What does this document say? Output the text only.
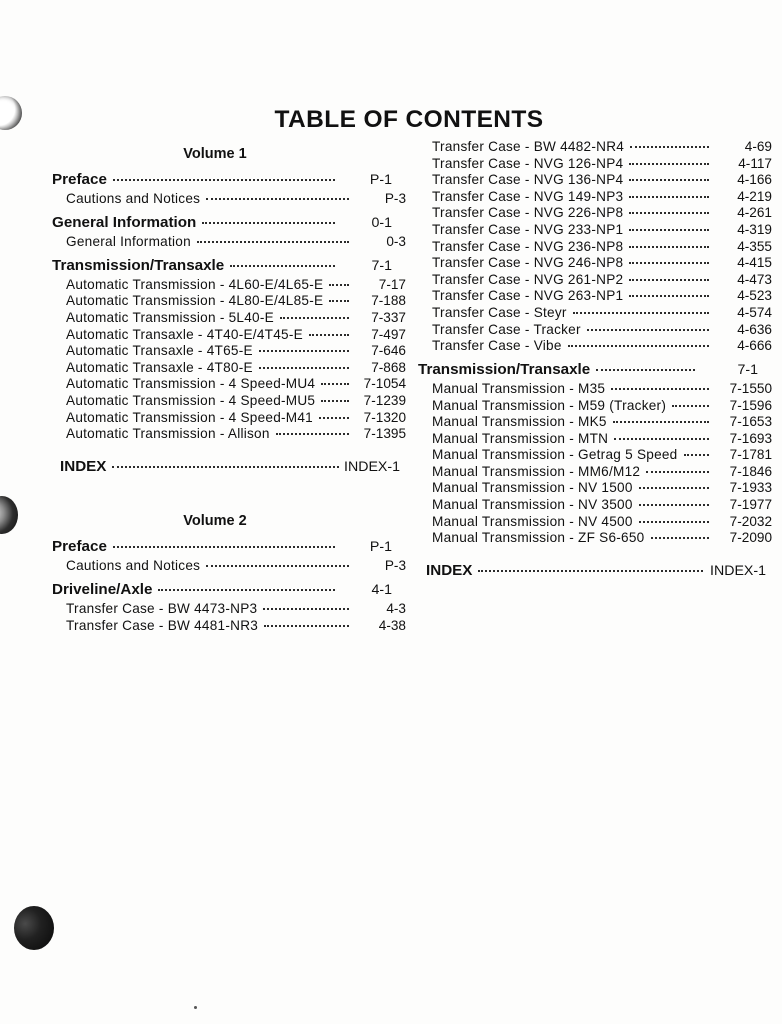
TABLE OF CONTENTS
Volume 1
Preface	P-1
Cautions and Notices	P-3
General Information	0-1
General Information	0-3
Transmission/Transaxle	7-1
Automatic Transmission - 4L60-E/4L65-E	7-17
Automatic Transmission - 4L80-E/4L85-E	7-188
Automatic Transmission - 5L40-E	7-337
Automatic Transaxle - 4T40-E/4T45-E	7-497
Automatic Transaxle - 4T65-E	7-646
Automatic Transaxle - 4T80-E	7-868
Automatic Transmission - 4 Speed-MU4	7-1054
Automatic Transmission - 4 Speed-MU5	7-1239
Automatic Transmission - 4 Speed-M41	7-1320
Automatic Transmission - Allison	7-1395
INDEX	INDEX-1
Volume 2
Preface	P-1
Cautions and Notices	P-3
Driveline/Axle	4-1
Transfer Case - BW 4473-NP3	4-3
Transfer Case - BW 4481-NR3	4-38
Transfer Case - BW 4482-NR4	4-69
Transfer Case - NVG 126-NP4	4-117
Transfer Case - NVG 136-NP4	4-166
Transfer Case - NVG 149-NP3	4-219
Transfer Case - NVG 226-NP8	4-261
Transfer Case - NVG 233-NP1	4-319
Transfer Case - NVG 236-NP8	4-355
Transfer Case - NVG 246-NP8	4-415
Transfer Case - NVG 261-NP2	4-473
Transfer Case - NVG 263-NP1	4-523
Transfer Case - Steyr	4-574
Transfer Case - Tracker	4-636
Transfer Case - Vibe	4-666
Transmission/Transaxle	7-1
Manual Transmission - M35	7-1550
Manual Transmission - M59 (Tracker)	7-1596
Manual Transmission - MK5	7-1653
Manual Transmission - MTN	7-1693
Manual Transmission - Getrag 5 Speed	7-1781
Manual Transmission - MM6/M12	7-1846
Manual Transmission - NV 1500	7-1933
Manual Transmission - NV 3500	7-1977
Manual Transmission - NV 4500	7-2032
Manual Transmission - ZF S6-650	7-2090
INDEX	INDEX-1
